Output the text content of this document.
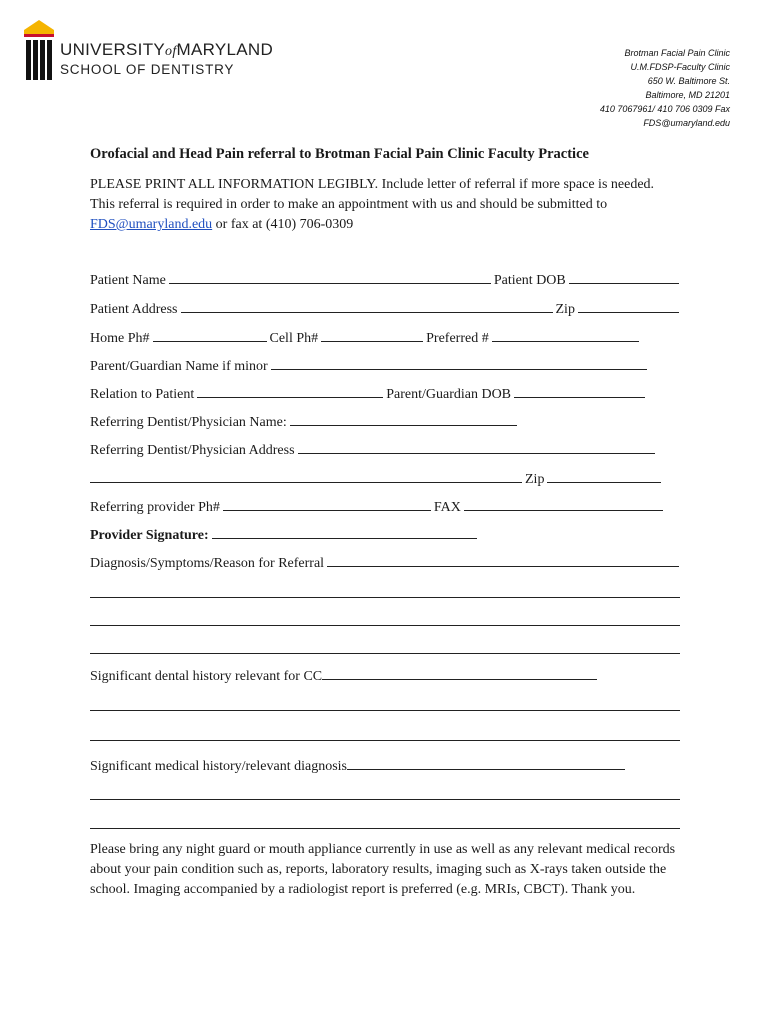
UNIVERSITYofMARYLAND
SCHOOL OF DENTISTRY
Brotman Facial Pain Clinic
U.M.FDSP-Faculty Clinic
650 W. Baltimore St.
Baltimore, MD 21201
410 7067961/ 410 706 0309 Fax
FDS@umaryland.edu
Orofacial and Head Pain referral to Brotman Facial Pain Clinic Faculty Practice
PLEASE PRINT ALL INFORMATION LEGIBLY. Include letter of referral if more space is needed. This referral is required in order to make an appointment with us and should be submitted to FDS@umaryland.edu or fax at (410) 706-0309
Patient Name	Patient DOB
Patient Address	Zip
Home Ph#	Cell Ph#	Preferred #
Parent/Guardian Name if minor
Relation to Patient	Parent/Guardian DOB
Referring Dentist/Physician Name:
Referring Dentist/Physician Address
Zip
Referring provider Ph#	FAX
Provider Signature:
Diagnosis/Symptoms/Reason for Referral
Significant dental history relevant for CC
Significant medical history/relevant diagnosis
Please bring any night guard or mouth appliance currently in use as well as any relevant medical records about your pain condition such as, reports, laboratory results, imaging such as X-rays taken outside the school. Imaging accompanied by a radiologist report is preferred (e.g. MRIs, CBCT). Thank you.
